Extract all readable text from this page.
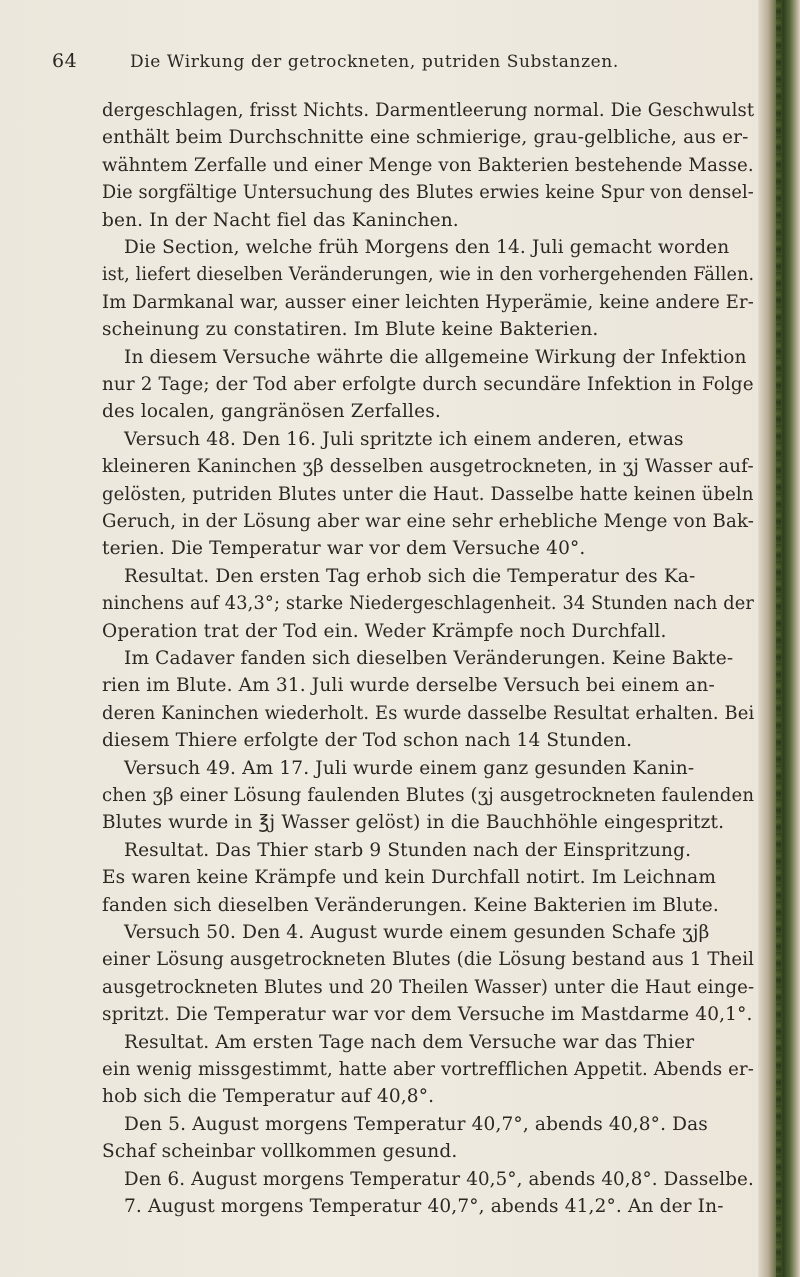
64	Die Wirkung der getrockneten, putriden Substanzen.
dergeschlagen, frisst Nichts. Darmentleerung normal. Die Geschwulst
enthält beim Durchschnitte eine schmierige, grau-gelbliche, aus er-
wähntem Zerfalle und einer Menge von Bakterien bestehende Masse.
Die sorgfältige Untersuchung des Blutes erwies keine Spur von densel-
ben. In der Nacht fiel das Kaninchen.
Die Section, welche früh Morgens den 14. Juli gemacht worden
ist, liefert dieselben Veränderungen, wie in den vorhergehenden Fällen.
Im Darmkanal war, ausser einer leichten Hyperämie, keine andere Er-
scheinung zu constatiren. Im Blute keine Bakterien.
In diesem Versuche währte die allgemeine Wirkung der Infektion
nur 2 Tage; der Tod aber erfolgte durch secundäre Infektion in Folge
des localen, gangränösen Zerfalles.
Versuch 48. Den 16. Juli spritzte ich einem anderen, etwas
kleineren Kaninchen ʒβ desselben ausgetrockneten, in ʒj Wasser auf-
gelösten, putriden Blutes unter die Haut. Dasselbe hatte keinen übeln
Geruch, in der Lösung aber war eine sehr erhebliche Menge von Bak-
terien. Die Temperatur war vor dem Versuche 40°.
Resultat. Den ersten Tag erhob sich die Temperatur des Ka-
ninchens auf 43,3°; starke Niedergeschlagenheit. 34 Stunden nach der
Operation trat der Tod ein. Weder Krämpfe noch Durchfall.
Im Cadaver fanden sich dieselben Veränderungen. Keine Bakte-
rien im Blute. Am 31. Juli wurde derselbe Versuch bei einem an-
deren Kaninchen wiederholt. Es wurde dasselbe Resultat erhalten. Bei
diesem Thiere erfolgte der Tod schon nach 14 Stunden.
Versuch 49. Am 17. Juli wurde einem ganz gesunden Kanin-
chen ʒβ einer Lösung faulenden Blutes (ʒj ausgetrockneten faulenden
Blutes wurde in ℥j Wasser gelöst) in die Bauchhöhle eingespritzt.
Resultat. Das Thier starb 9 Stunden nach der Einspritzung.
Es waren keine Krämpfe und kein Durchfall notirt. Im Leichnam
fanden sich dieselben Veränderungen. Keine Bakterien im Blute.
Versuch 50. Den 4. August wurde einem gesunden Schafe ʒjβ
einer Lösung ausgetrockneten Blutes (die Lösung bestand aus 1 Theil
ausgetrockneten Blutes und 20 Theilen Wasser) unter die Haut einge-
spritzt. Die Temperatur war vor dem Versuche im Mastdarme 40,1°.
Resultat. Am ersten Tage nach dem Versuche war das Thier
ein wenig missgestimmt, hatte aber vortrefflichen Appetit. Abends er-
hob sich die Temperatur auf 40,8°.
Den 5. August morgens Temperatur 40,7°, abends 40,8°. Das
Schaf scheinbar vollkommen gesund.
Den 6. August morgens Temperatur 40,5°, abends 40,8°. Dasselbe.
7. August morgens Temperatur 40,7°, abends 41,2°. An der In-
